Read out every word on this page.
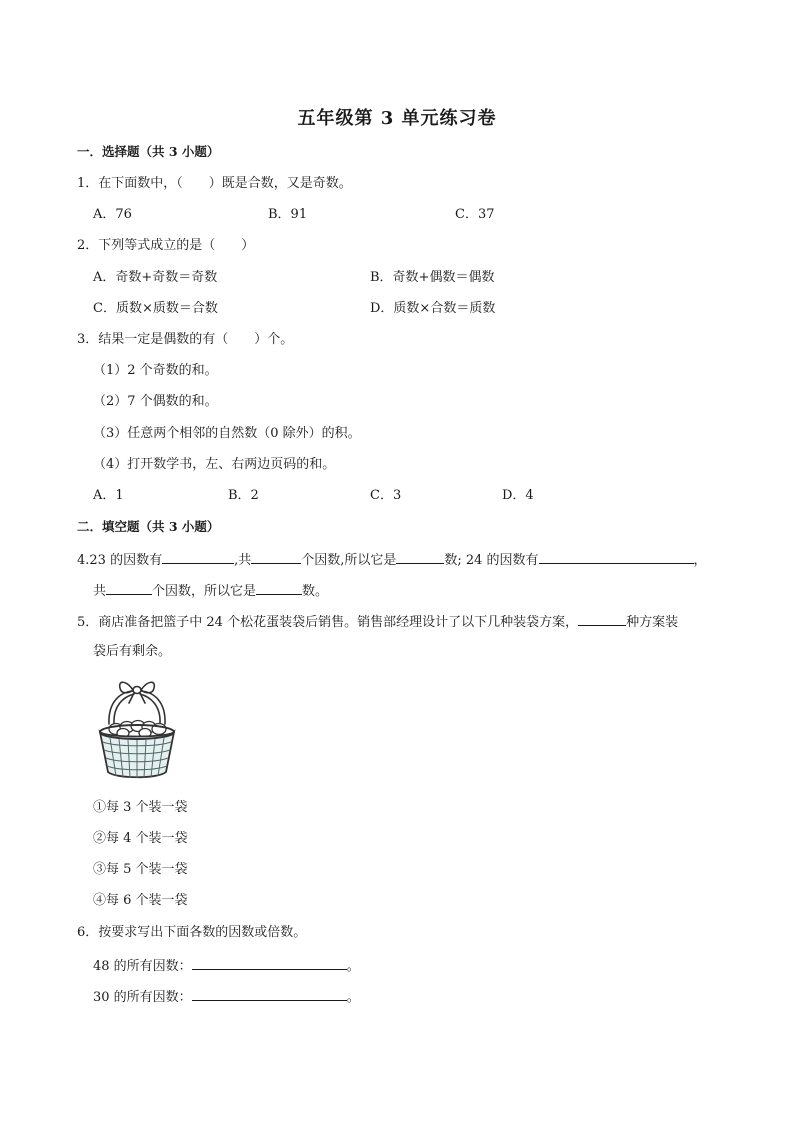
五年级第 3 单元练习卷
一．选择题（共 3 小题）
1．在下面数中，（　　）既是合数，又是奇数。
A．76	B．91	C．37
2．下列等式成立的是（　　）
A．奇数+奇数＝奇数	B．奇数+偶数＝偶数
C．质数×质数＝合数	D．质数×合数＝质数
3．结果一定是偶数的有（　　）个。
（1）2 个奇数的和。
（2）7 个偶数的和。
（3）任意两个相邻的自然数（0 除外）的积。
（4）打开数学书，左、右两边页码的和。
A．1	B．2	C．3	D．4
二．填空题（共 3 小题）
4.23 的因数有	,共	个因数,所以它是	数; 24 的因数有	，
共	个因数，所以它是	数。
5．商店准备把篮子中 24 个松花蛋装袋后销售。销售部经理设计了以下几种装袋方案，	种方案装
袋后有剩余。
①每 3 个装一袋
②每 4 个装一袋
③每 5 个装一袋
④每 6 个装一袋
6．按要求写出下面各数的因数或倍数。
48 的所有因数：	。
30 的所有因数：	。
